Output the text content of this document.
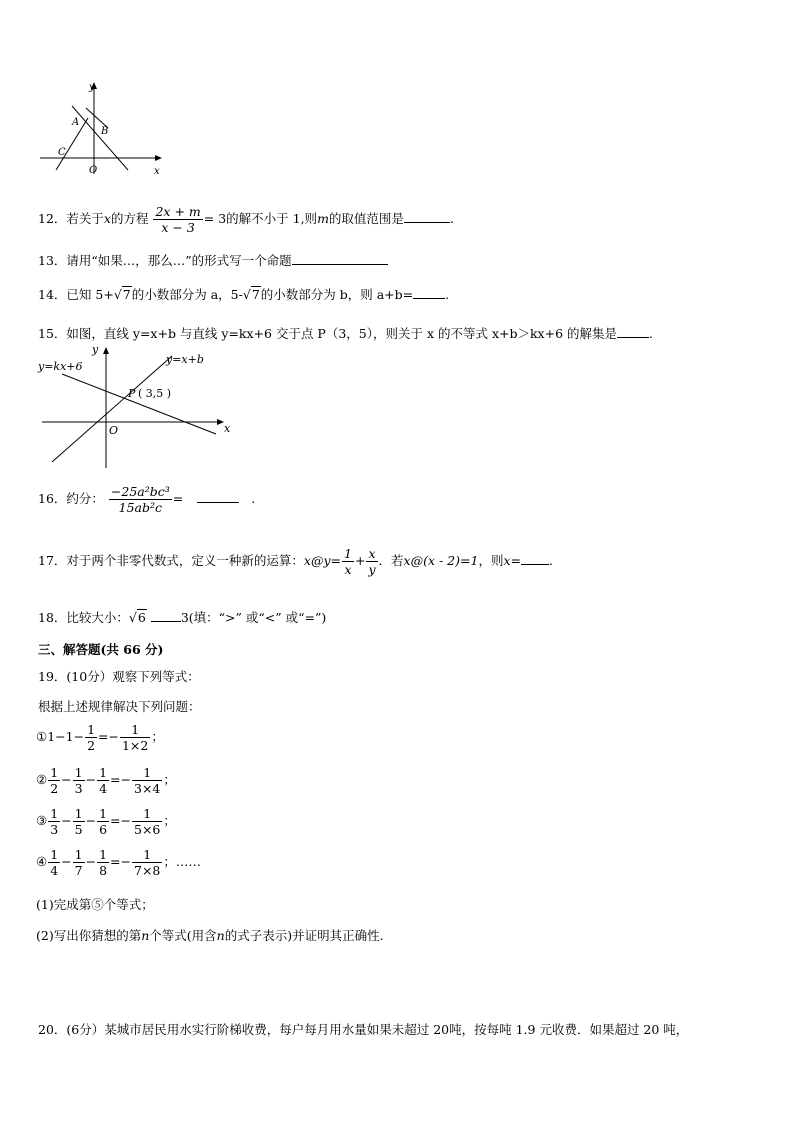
y
x
O
A
B
C
12．若关于x的方程 $\frac{2x + m}{x - 3} = 3$的解不小于 1,则m的取值范围是	.
13．请用“如果…，那么…”的形式写一个命题
14．已知 5+√7的小数部分为 a，5-√7的小数部分为 b，则 a+b=	.
15．如图，直线 y=x+b 与直线 y=kx+6 交于点 P（3，5），则关于 x 的不等式 x+b＞kx+6 的解集是	.
y=kx+6
y=x+b
y
x
O
P ( 3,5 )
16．约分： $\frac{\text{−25a²bc³}}{\text{15ab²c}}$ =	.
17．对于两个非零代数式，定义一种新的运算：x@y= $\frac{1}{x} + \frac{x}{y}$ ．若x@(x - 2)=1，则x= .
18．比较大小：√6	3(填：“>” 或“<” 或“=”)
三、解答题(共 66 分)
19．(10分）观察下列等式：
根据上述规律解决下列问题：
①1−1− $\frac{1}{2} =- \frac{1}{1\times 2}$ ；
② $\frac{1}{2} - \frac{1}{3} - \frac{1}{4} =- \frac{1}{3\times 4}$ ；
③ $\frac{1}{3} - \frac{1}{5} - \frac{1}{6} =- \frac{1}{5\times 6}$ ；
④ $\frac{1}{4} - \frac{1}{7} - \frac{1}{8} =- \frac{1}{7\times 8}$ ；……
(1)完成第⑤个等式；
(2)写出你猜想的第n个等式(用含n的式子表示)并证明其正确性.
20．(6分）某城市居民用水实行阶梯收费，每户每月用水量如果未超过 20吨，按每吨 1.9 元收费．如果超过 20 吨，
